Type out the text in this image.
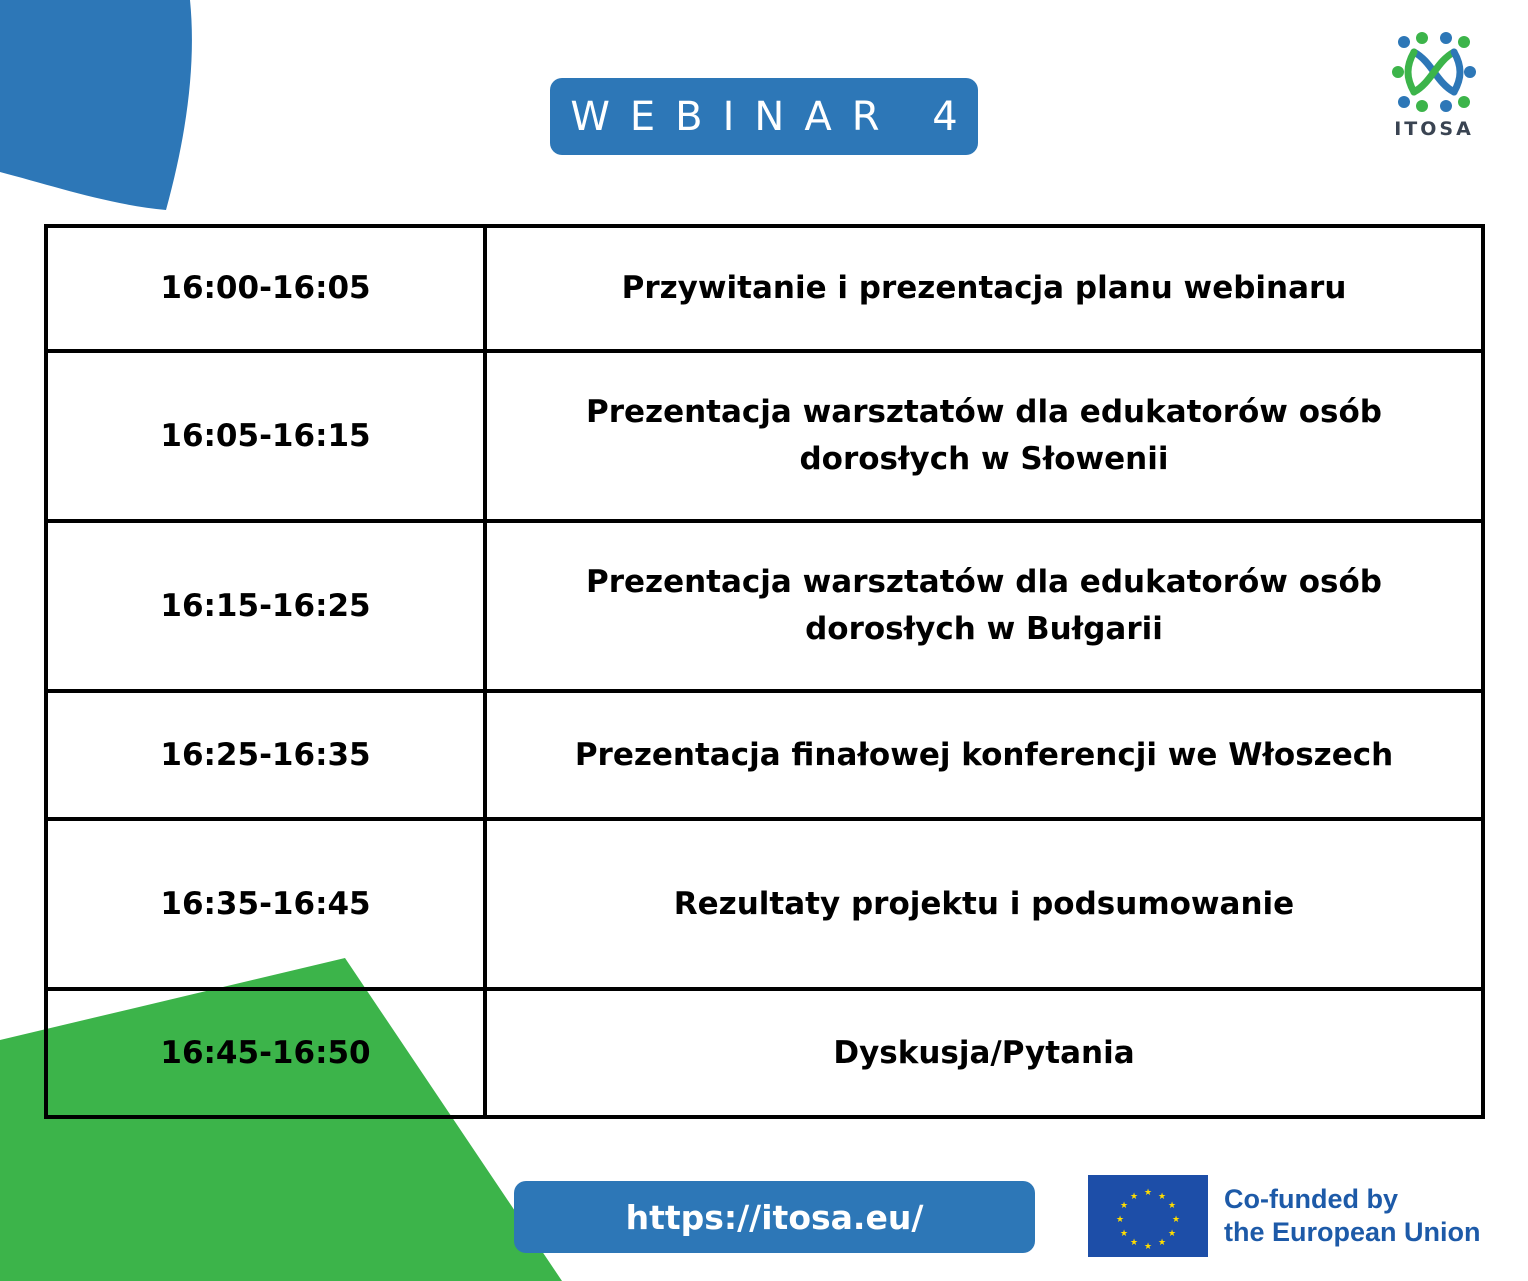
WEBINAR 4	ITOSA
16:00-16:05	Przywitanie i prezentacja planu webinaru
16:05-16:15	Prezentacja warsztatów dla edukatorów osób dorosłych w Słowenii
16:15-16:25	Prezentacja warsztatów dla edukatorów osób dorosłych w Bułgarii
16:25-16:35	Prezentacja finałowej konferencji we Włoszech
16:35-16:45	Rezultaty projektu i podsumowanie
16:45-16:50	Dyskusja/Pytania
https://itosa.eu/
★ ★
★
★
★
★
★
★
★
★
★
★	Co-funded by
the European Union
